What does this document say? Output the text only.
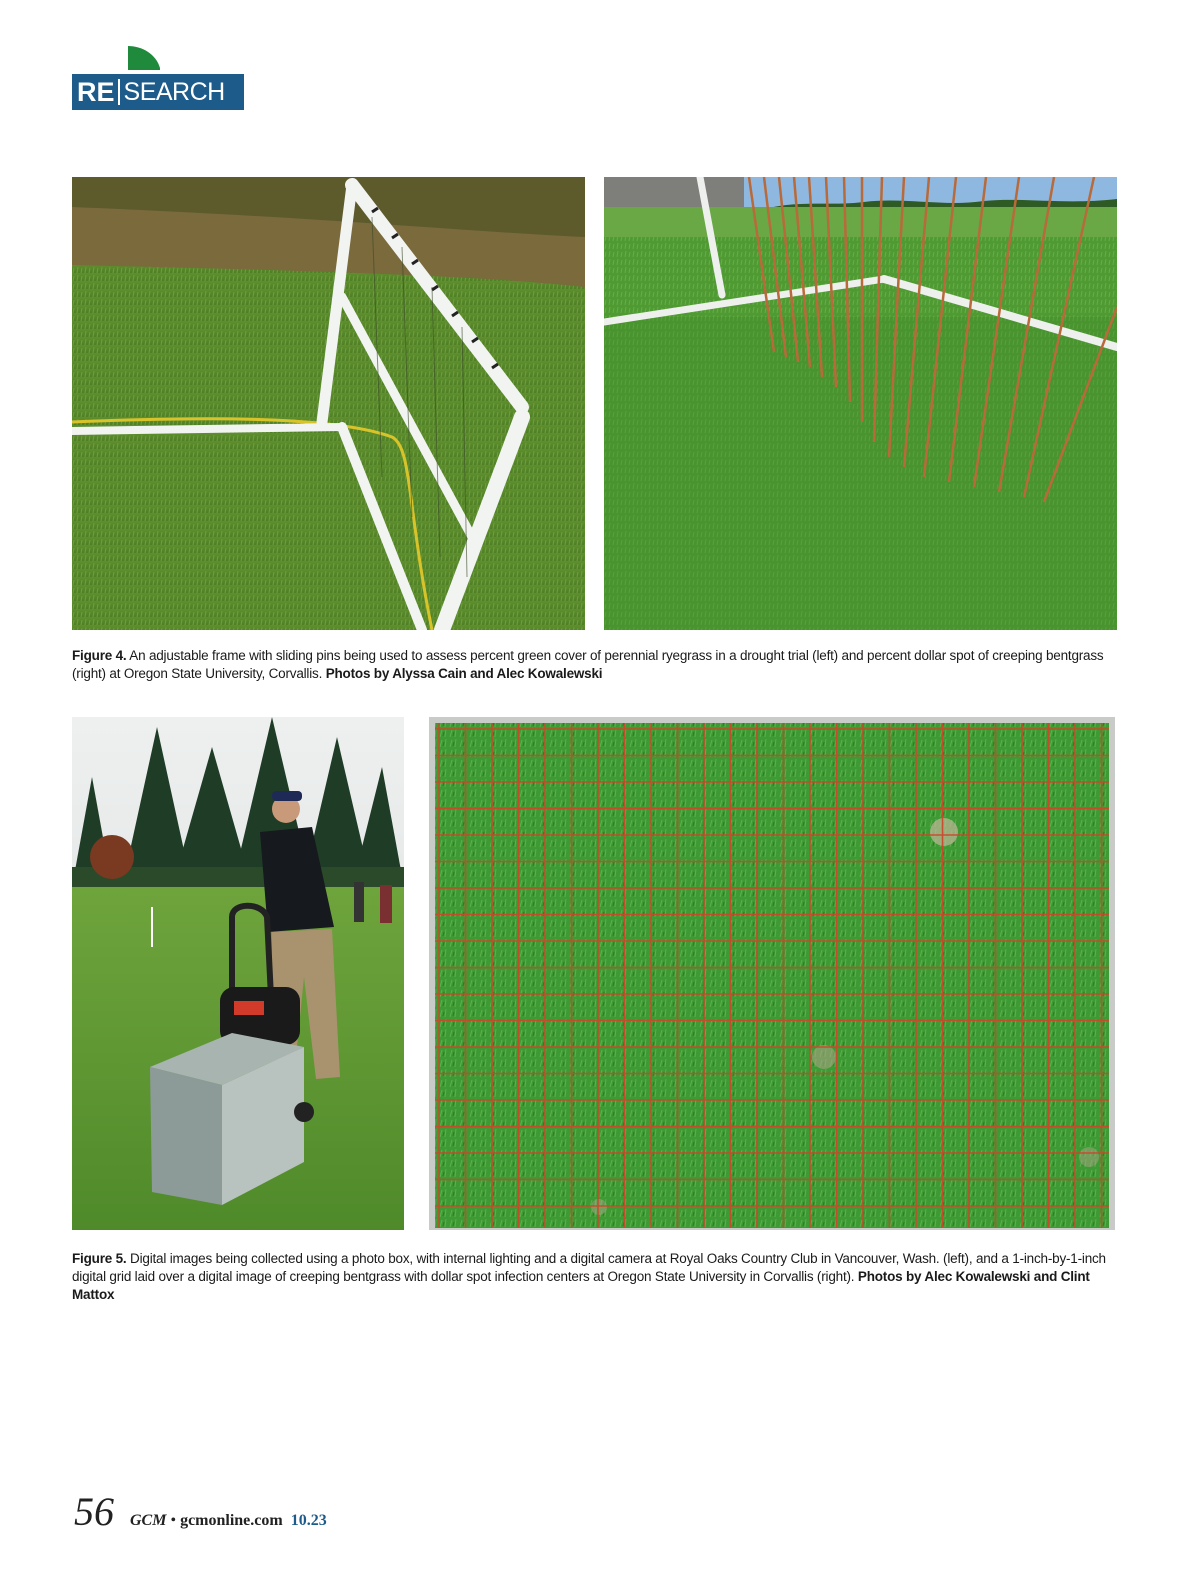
RE SEARCH
Figure 4. An adjustable frame with sliding pins being used to assess percent green cover of perennial ryegrass in a drought trial (left) and percent dollar spot of creeping bentgrass (right) at Oregon State University, Corvallis. Photos by Alyssa Cain and Alec Kowalewski
Figure 5. Digital images being collected using a photo box, with internal lighting and a digital camera at Royal Oaks Country Club in Vancouver, Wash. (left), and a 1-inch-by-1-inch digital grid laid over a digital image of creeping bentgrass with dollar spot infection centers at Oregon State University in Corvallis (right). Photos by Alec Kowalewski and Clint Mattox
56 GCM • gcmonline.com 10.23
